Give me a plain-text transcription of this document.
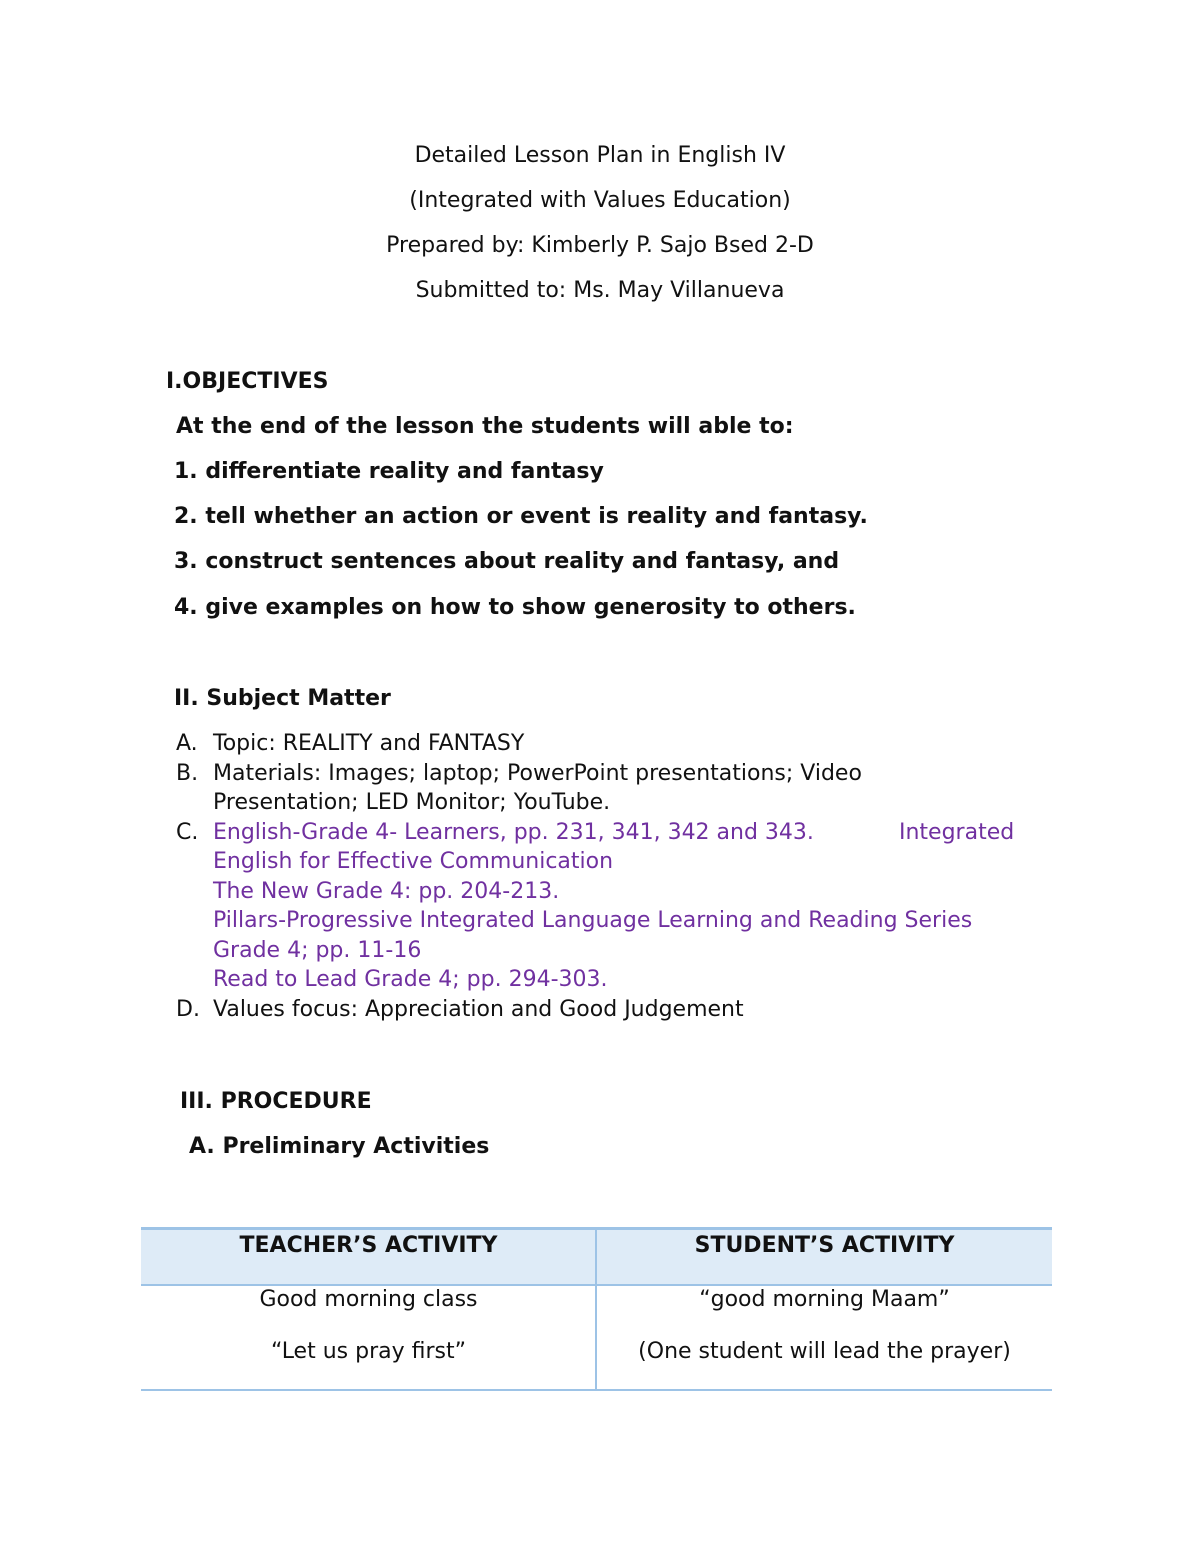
Detailed Lesson Plan in English IV
(Integrated with Values Education)
Prepared by: Kimberly P. Sajo Bsed 2-D
Submitted to: Ms. May Villanueva
I.OBJECTIVES
At the end of the lesson the students will able to:
1. differentiate reality and fantasy
2. tell whether an action or event is reality and fantasy.
3. construct sentences about reality and fantasy, and
4. give examples on how to show generosity to others.
II. Subject Matter
A. Topic: REALITY and FANTASY
B. Materials: Images; laptop; PowerPoint presentations; Video
Presentation; LED Monitor; YouTube.
C. English-Grade 4- Learners, pp. 231, 341, 342 and 343.	Integrated
English for Effective Communication
The New Grade 4: pp. 204-213.
Pillars-Progressive Integrated Language Learning and Reading Series
Grade 4; pp. 11-16
Read to Lead Grade 4; pp. 294-303.
D. Values focus: Appreciation and Good Judgement
III. PROCEDURE
A. Preliminary Activities
TEACHER’S ACTIVITY	STUDENT’S ACTIVITY
Good morning class	“good morning Maam”
“Let us pray first”	(One student will lead the prayer)
